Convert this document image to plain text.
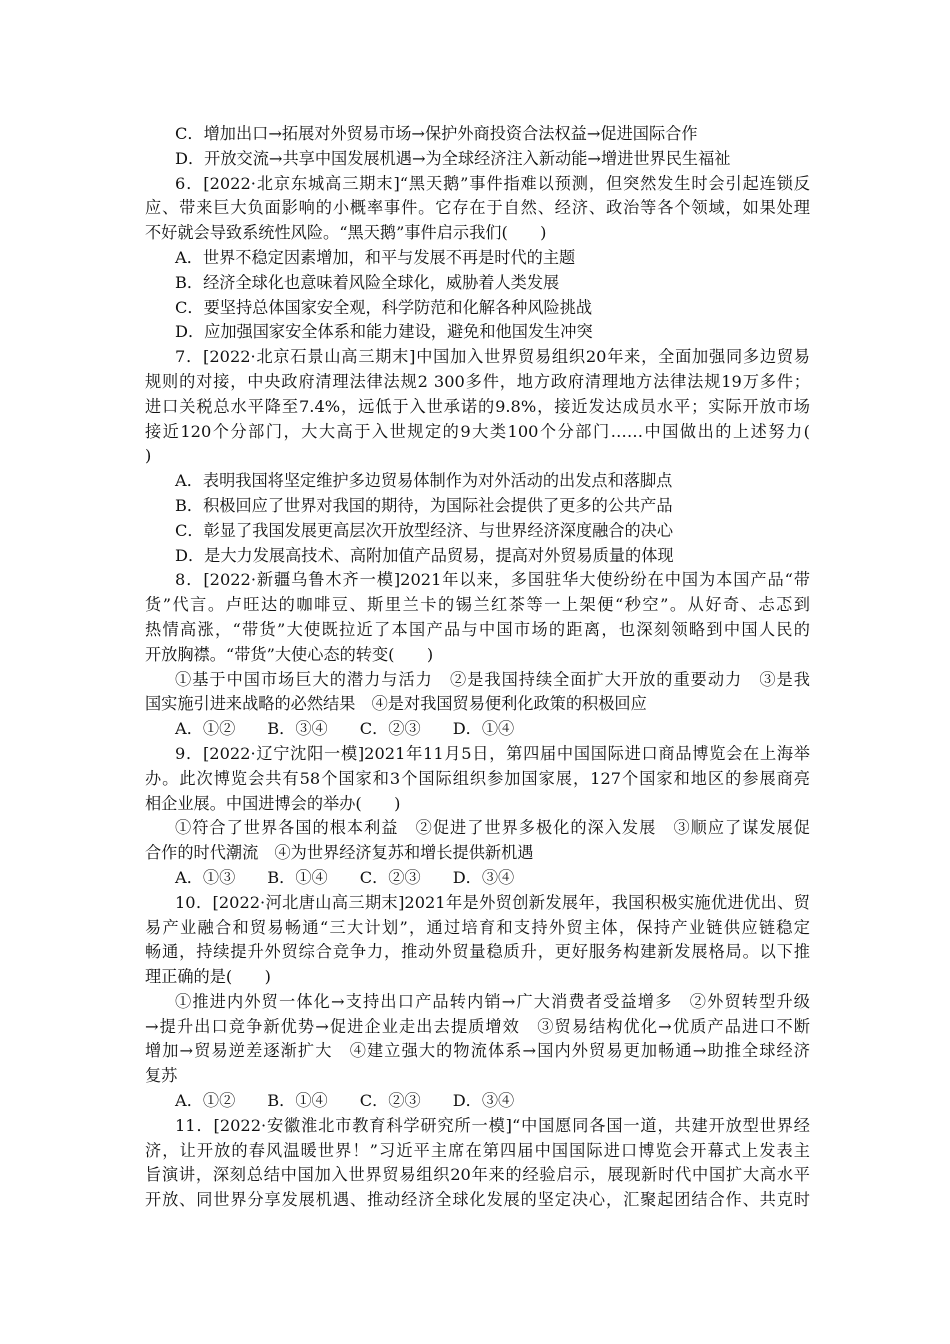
C．增加出口→拓展对外贸易市场→保护外商投资合法权益→促进国际合作
D．开放交流→共享中国发展机遇→为全球经济注入新动能→增进世界民生福祉
6．[2022·北京东城高三期末]“黑天鹅”事件指难以预测，但突然发生时会引起连锁反
应、带来巨大负面影响的小概率事件。它存在于自然、经济、政治等各个领域，如果处理
不好就会导致系统性风险。“黑天鹅”事件启示我们(　　)
A．世界不稳定因素增加，和平与发展不再是时代的主题
B．经济全球化也意味着风险全球化，威胁着人类发展
C．要坚持总体国家安全观，科学防范和化解各种风险挑战
D．应加强国家安全体系和能力建设，避免和他国发生冲突
7．[2022·北京石景山高三期末]中国加入世界贸易组织20年来，全面加强同多边贸易
规则的对接，中央政府清理法律法规2 300多件，地方政府清理地方法律法规19万多件；
进口关税总水平降至7.4%，远低于入世承诺的9.8%，接近发达成员水平；实际开放市场
接近120个分部门，大大高于入世规定的9大类100个分部门……中国做出的上述努力(
)
A．表明我国将坚定维护多边贸易体制作为对外活动的出发点和落脚点
B．积极回应了世界对我国的期待，为国际社会提供了更多的公共产品
C．彰显了我国发展更高层次开放型经济、与世界经济深度融合的决心
D．是大力发展高技术、高附加值产品贸易，提高对外贸易质量的体现
8．[2022·新疆乌鲁木齐一模]2021年以来，多国驻华大使纷纷在中国为本国产品“带
货”代言。卢旺达的咖啡豆、斯里兰卡的锡兰红茶等一上架便“秒空”。从好奇、忐忑到
热情高涨，“带货”大使既拉近了本国产品与中国市场的距离，也深刻领略到中国人民的
开放胸襟。“带货”大使心态的转变(　　)
①基于中国市场巨大的潜力与活力　②是我国持续全面扩大开放的重要动力　③是我
国实施引进来战略的必然结果　④是对我国贸易便利化政策的积极回应
A．①② B．③④ C．②③ D．①④
9．[2022·辽宁沈阳一模]2021年11月5日，第四届中国国际进口商品博览会在上海举
办。此次博览会共有58个国家和3个国际组织参加国家展，127个国家和地区的参展商亮
相企业展。中国进博会的举办(　　)
①符合了世界各国的根本利益　②促进了世界多极化的深入发展　③顺应了谋发展促
合作的时代潮流　④为世界经济复苏和增长提供新机遇
A．①③ B．①④ C．②③ D．③④
10．[2022·河北唐山高三期末]2021年是外贸创新发展年，我国积极实施优进优出、贸
易产业融合和贸易畅通“三大计划”，通过培育和支持外贸主体，保持产业链供应链稳定
畅通，持续提升外贸综合竞争力，推动外贸量稳质升，更好服务构建新发展格局。以下推
理正确的是(　　)
①推进内外贸一体化→支持出口产品转内销→广大消费者受益增多　②外贸转型升级
→提升出口竞争新优势→促进企业走出去提质增效　③贸易结构优化→优质产品进口不断
增加→贸易逆差逐渐扩大　④建立强大的物流体系→国内外贸易更加畅通→助推全球经济
复苏
A．①② B．①④ C．②③ D．③④
11．[2022·安徽淮北市教育科学研究所一模]“中国愿同各国一道，共建开放型世界经
济，让开放的春风温暖世界！”习近平主席在第四届中国国际进口博览会开幕式上发表主
旨演讲，深刻总结中国加入世界贸易组织20年来的经验启示，展现新时代中国扩大高水平
开放、同世界分享发展机遇、推动经济全球化发展的坚定决心，汇聚起团结合作、共克时
